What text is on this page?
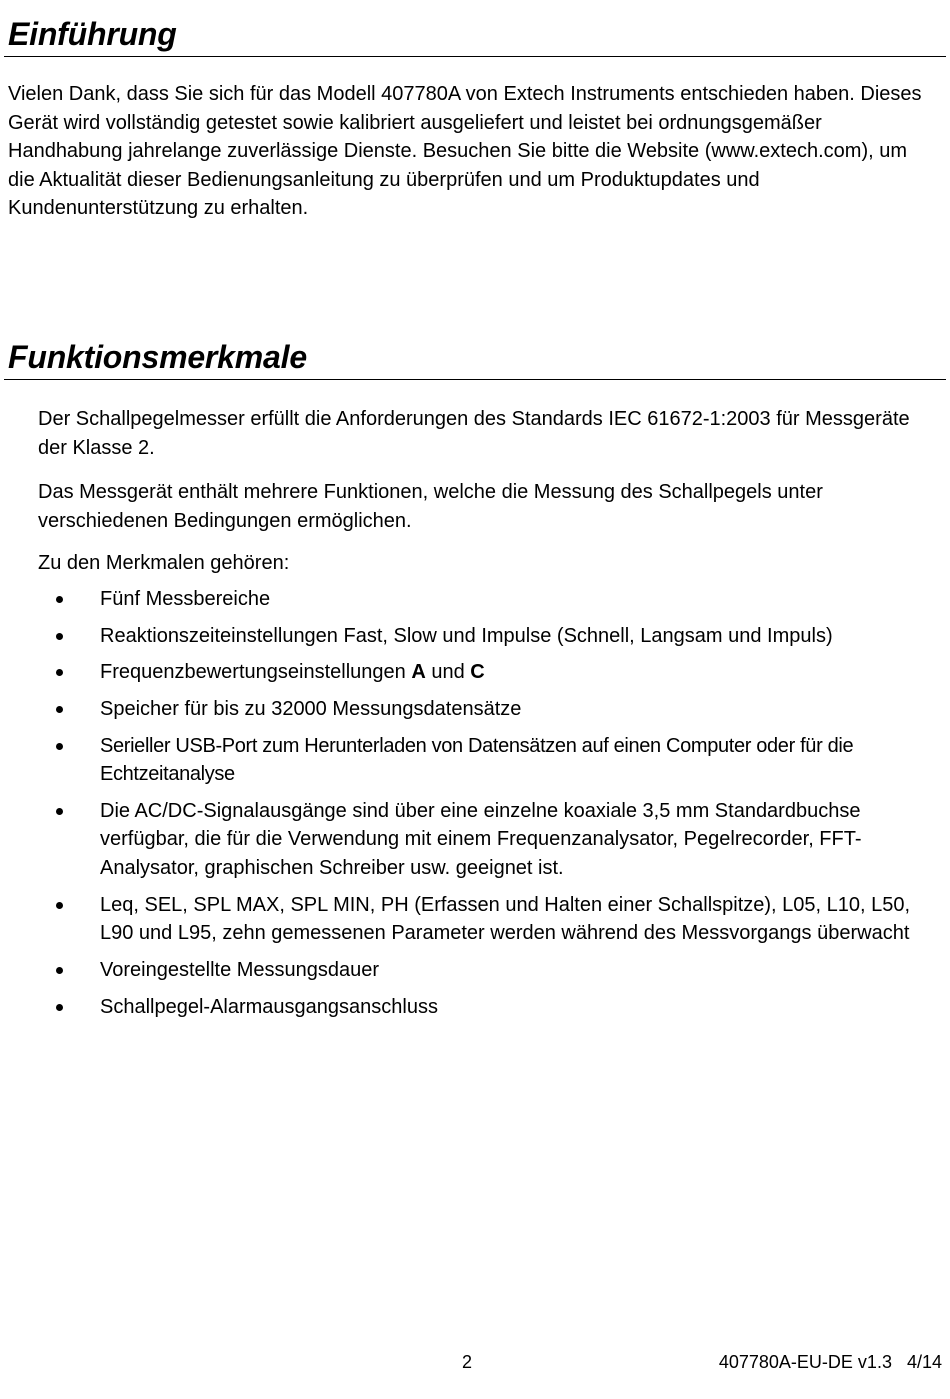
Einführung

Vielen Dank, dass Sie sich für das Modell 407780A von Extech Instruments entschieden haben. Dieses Gerät wird vollständig getestet sowie kalibriert ausgeliefert und leistet bei ordnungsgemäßer Handhabung jahrelange zuverlässige Dienste. Besuchen Sie bitte die Website (www.extech.com), um die Aktualität dieser Bedienungsanleitung zu überprüfen und um Produktupdates und Kundenunterstützung zu erhalten.

Funktionsmerkmale

Der Schallpegelmesser erfüllt die Anforderungen des Standards IEC 61672-1:2003 für Messgeräte der Klasse 2.

Das Messgerät enthält mehrere Funktionen, welche die Messung des Schallpegels unter verschiedenen Bedingungen ermöglichen.

Zu den Merkmalen gehören:

Fünf Messbereiche
Reaktionszeiteinstellungen Fast, Slow und Impulse (Schnell, Langsam und Impuls)
Frequenzbewertungseinstellungen A und C
Speicher für bis zu 32000 Messungsdatensätze
Serieller USB-Port zum Herunterladen von Datensätzen auf einen Computer oder für die Echtzeitanalyse
Die AC/DC-Signalausgänge sind über eine einzelne koaxiale 3,5 mm Standardbuchse verfügbar, die für die Verwendung mit einem Frequenzanalysator, Pegelrecorder, FFT-Analysator, graphischen Schreiber usw. geeignet ist.
Leq, SEL, SPL MAX, SPL MIN, PH (Erfassen und Halten einer Schallspitze), L05, L10, L50, L90 und L95, zehn gemessenen Parameter werden während des Messvorgangs überwacht
Voreingestellte Messungsdauer
Schallpegel-Alarmausgangsanschluss
2	407780A-EU-DE v1.3   4/14
